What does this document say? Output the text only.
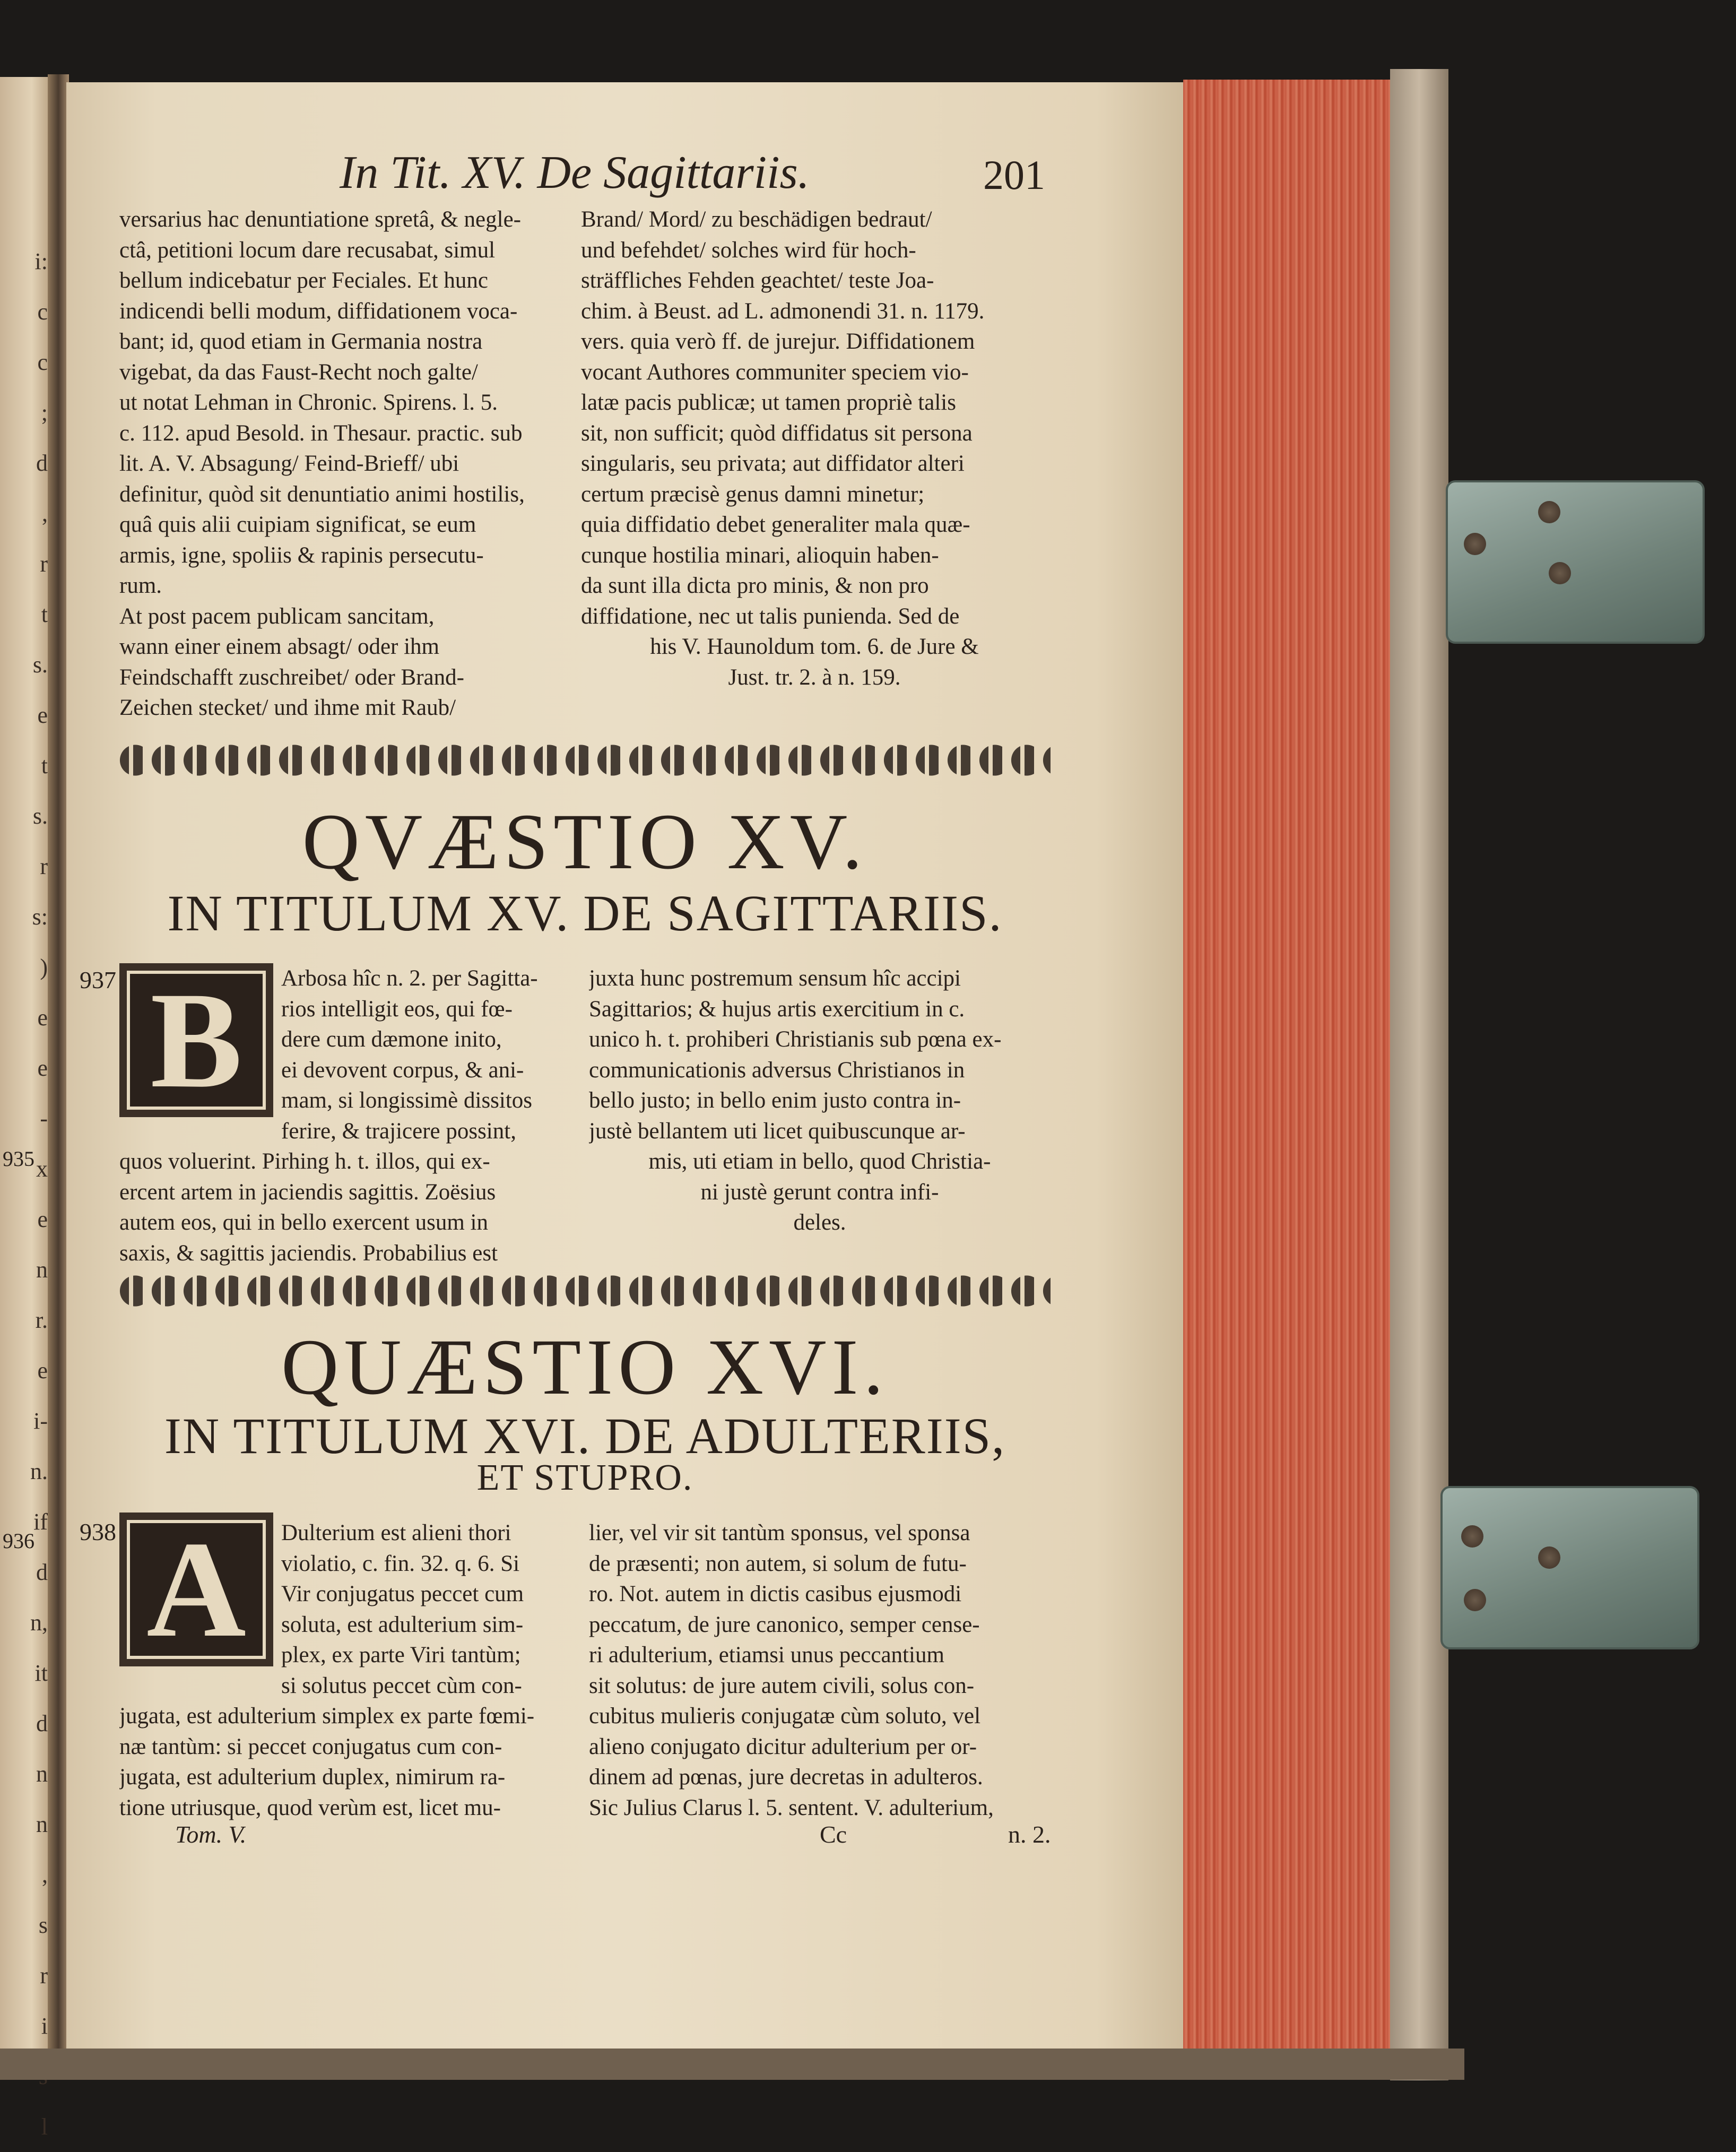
i:
c
c
;
d
,
r
t
s.
e
t
s.
r
s:
)
e
e
-
x
e
n
r.
e
i-
n.
if
d
n,
it
d
n
n
,
s
r
i
l
In Tit. XV. De Sagittariis.	201
versarius hac denuntiatione spretâ, & negle-
ctâ, petitioni locum dare recusabat, simul
bellum indicebatur per Feciales. Et hunc
indicendi belli modum, diffidationem voca-
bant; id, quod etiam in Germania nostra
vigebat, da das Faust-Recht noch galte/
ut notat Lehman in Chronic. Spirens. l. 5.
c. 112. apud Besold. in Thesaur. practic. sub
lit. A. V. Absagung/ Feind-Brieff/ ubi
definitur, quòd sit denuntiatio animi hostilis,
quâ quis alii cuipiam significat, se eum
armis, igne, spoliis & rapinis persecutu-
rum.
At post pacem publicam sancitam,
wann einer einem absagt/ oder ihm
Feindschafft zuschreibet/ oder Brand-
Zeichen stecket/ und ihme mit Raub/
Brand/ Mord/ zu beschädigen bedraut/
und befehdet/ solches wird für hoch-
sträffliches Fehden geachtet/ teste Joa-
chim. à Beust. ad L. admonendi 31. n. 1179.
vers. quia verò ff. de jurejur. Diffidationem
vocant Authores communiter speciem vio-
latæ pacis publicæ; ut tamen propriè talis
sit, non sufficit; quòd diffidatus sit persona
singularis, seu privata; aut diffidator alteri
certum præcisè genus damni minetur;
quia diffidatio debet generaliter mala quæ-
cunque hostilia minari, alioquin haben-
da sunt illa dicta pro minis, & non pro
diffidatione, nec ut talis punienda. Sed de
his V. Haunoldum tom. 6. de Jure &
Just. tr. 2. à n. 159.
QVÆSTIO XV.
IN TITULUM XV. DE SAGITTARIIS.
937 B	Arbosa hîc n. 2. per Sagitta-
rios intelligit eos, qui fœ-
dere cum dæmone inito,
ei devovent corpus, & ani-
mam, si longissimè dissitos
ferire, & trajicere possint,
quos voluerint. Pirhing h. t. illos, qui ex-
ercent artem in jaciendis sagittis. Zoësius
autem eos, qui in bello exercent usum in
saxis, & sagittis jaciendis. Probabilius est
juxta hunc postremum sensum hîc accipi
Sagittarios; & hujus artis exercitium in c.
unico h. t. prohiberi Christianis sub pœna ex-
communicationis adversus Christianos in
bello justo; in bello enim justo contra in-
justè bellantem uti licet quibuscunque ar-
mis, uti etiam in bello, quod Christia-
ni justè gerunt contra infi-
deles.
QUÆSTIO XVI.
IN TITULUM XVI. DE ADULTERIIS,
ET STUPRO.
938 A	Dulterium est alieni thori
violatio, c. fin. 32. q. 6. Si
Vir conjugatus peccet cum
soluta, est adulterium sim-
plex, ex parte Viri tantùm;
si solutus peccet cùm con-
jugata, est adulterium simplex ex parte fœmi-
næ tantùm: si peccet conjugatus cum con-
jugata, est adulterium duplex, nimirum ra-
tione utriusque, quod verùm est, licet mu-
lier, vel vir sit tantùm sponsus, vel sponsa
de præsenti; non autem, si solum de futu-
ro. Not. autem in dictis casibus ejusmodi
peccatum, de jure canonico, semper cense-
ri adulterium, etiamsi unus peccantium
sit solutus: de jure autem civili, solus con-
cubitus mulieris conjugatæ cùm soluto, vel
alieno conjugato dicitur adulterium per or-
dinem ad pœnas, jure decretas in adulteros.
Sic Julius Clarus l. 5. sentent. V. adulterium,
935
936
Tom. V.	Cc	n. 2.
